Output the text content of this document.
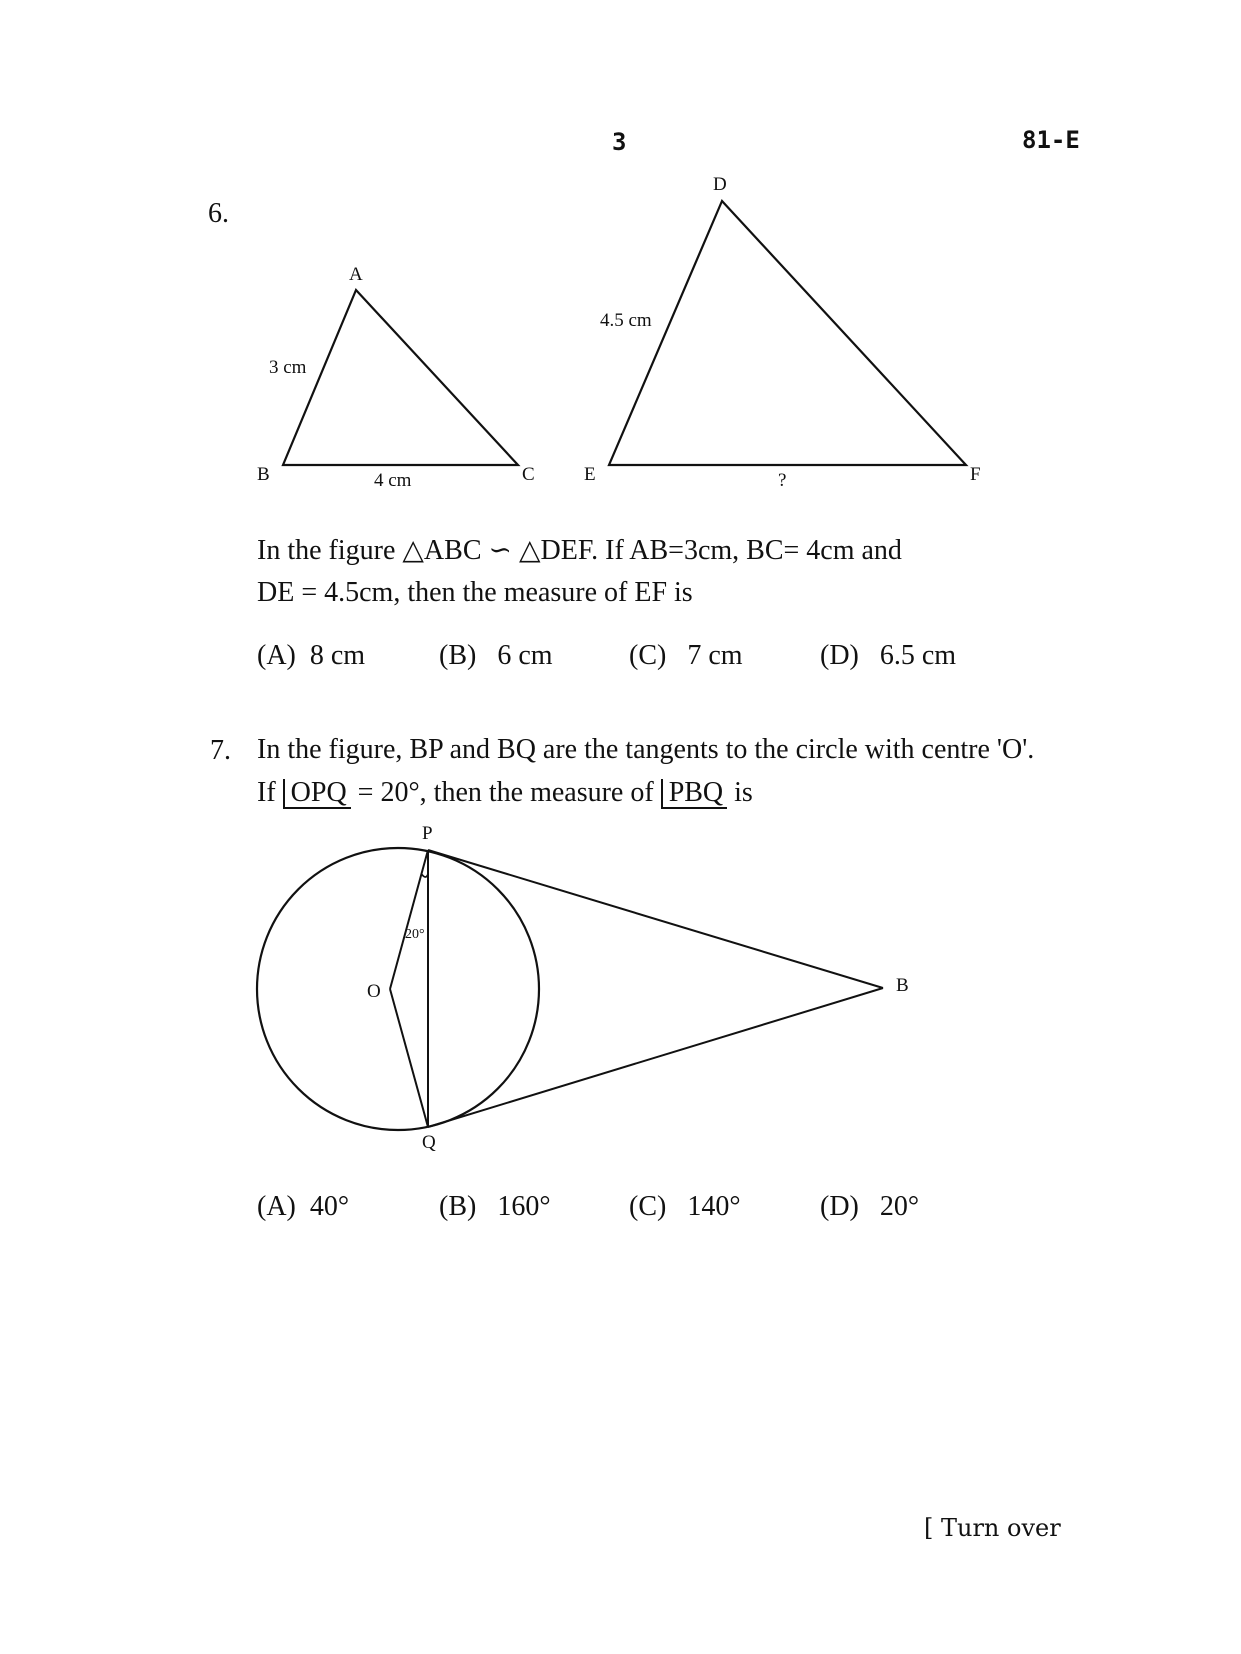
3	81-E
6.
A
B	C
3 cm
4 cm
D
E	F
4.5 cm
?
In the figure △ABC ∽ △DEF. If AB=3cm, BC= 4cm and
DE = 4.5cm, then the measure of EF is
(A) 8 cm	(B) 6 cm	(C) 7 cm	(D) 6.5 cm
7. In the figure, BP and BQ are the tangents to the circle with centre 'O'.
If OPQ = 20°, then the measure of PBQ is
P
Q
O	B
20°
(A) 40°	(B) 160°	(C) 140°	(D) 20°
[ Turn over
